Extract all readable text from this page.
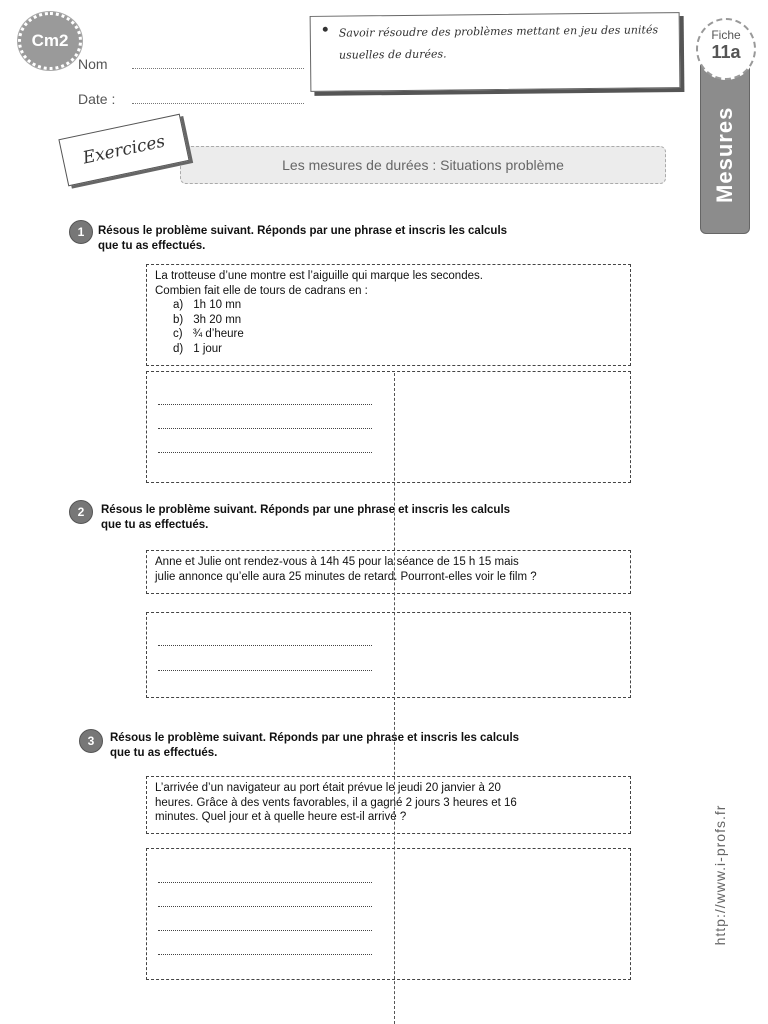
Cm2
Nom
Date :
Savoir résoudre des problèmes mettant en jeu des unités usuelles de durées.
Mesures
Fiche
11a
Les mesures de durées : Situations problème
Exercices
1	Résous le problème suivant. Réponds par une phrase et inscris les calculs
que tu as effectués.
La trotteuse d’une montre est l’aiguille qui marque les secondes.
Combien fait elle de tours de cadrans en :
a) 1h 10 mn
b) 3h 20 mn
c) ¾ d’heure
d) 1 jour
2	Résous le problème suivant. Réponds par une phrase et inscris les calculs
que tu as effectués.
Anne et Julie ont rendez-vous à 14h 45 pour la séance de 15 h 15 mais
julie annonce qu’elle aura 25 minutes de retard. Pourront-elles voir le film ?
3	Résous le problème suivant. Réponds par une phrase et inscris les calculs
que tu as effectués.
L’arrivée d’un navigateur au port était prévue le jeudi 20 janvier à 20
heures. Grâce à des vents favorables, il a gagné 2 jours 3 heures et 16
minutes. Quel jour et à quelle heure est-il arrivé ?	http://www.i-profs.fr
